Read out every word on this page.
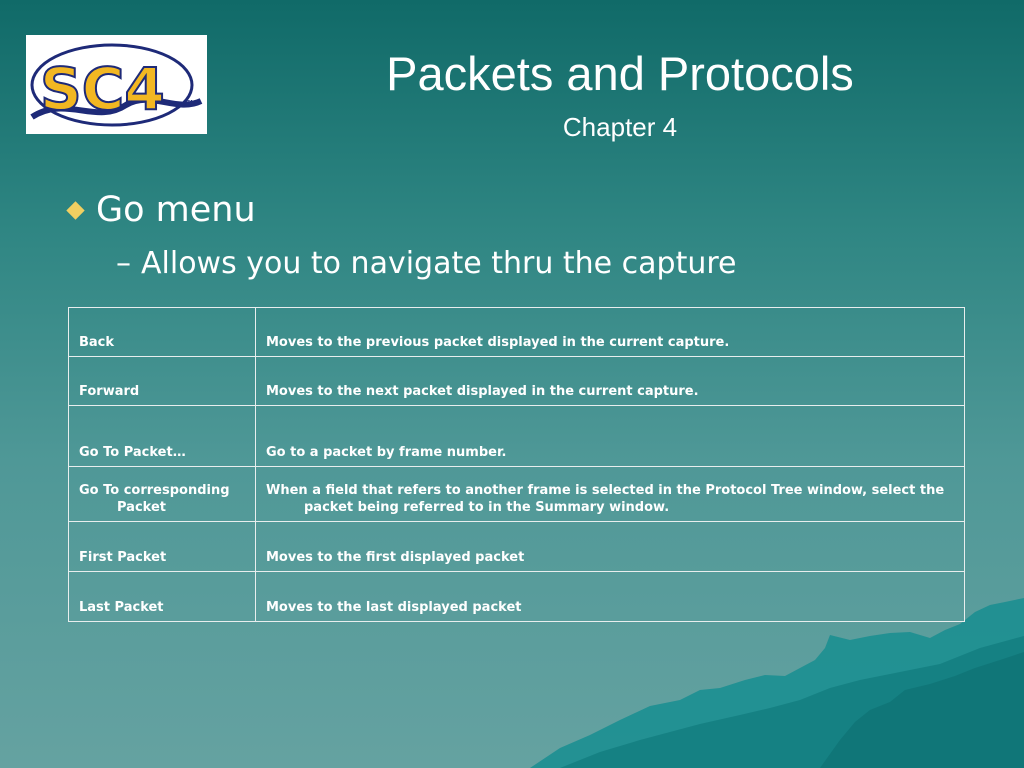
SC4	TM
Packets and Protocols
Chapter 4
Go menu
– Allows you to navigate thru the capture
Back	Moves to the previous packet displayed in the current capture.
Forward	Moves to the next packet displayed in the current capture.
Go To Packet…	Go to a packet by frame number.

Go To corresponding Packet	When a field that refers to another frame is selected in the Protocol Tree window, select the packet being referred to in the Summary window.

First Packet	Moves to the first displayed packet
Last Packet	Moves to the last displayed packet
